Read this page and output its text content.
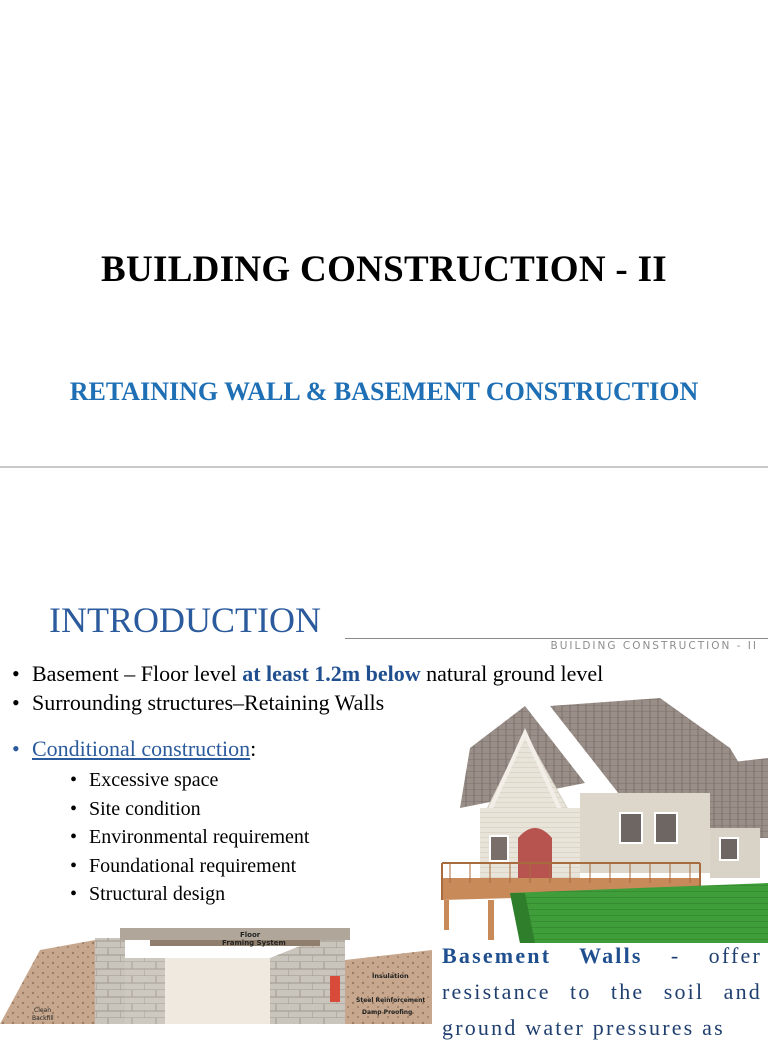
BUILDING CONSTRUCTION - II
RETAINING WALL & BASEMENT CONSTRUCTION
INTRODUCTION
BUILDING CONSTRUCTION - II
• Basement – Floor level at least 1.2m below natural ground level
• Surrounding structures–Retaining Walls
• Conditional construction:
• Excessive space
• Site condition
• Environmental requirement
• Foundational requirement
• Structural design
Floor
Framing System
Insulation
Steel Reinforcement
Damp Proofing
Clean
Backfill
Basement Walls - offer resistance to the soil and ground water pressures as
